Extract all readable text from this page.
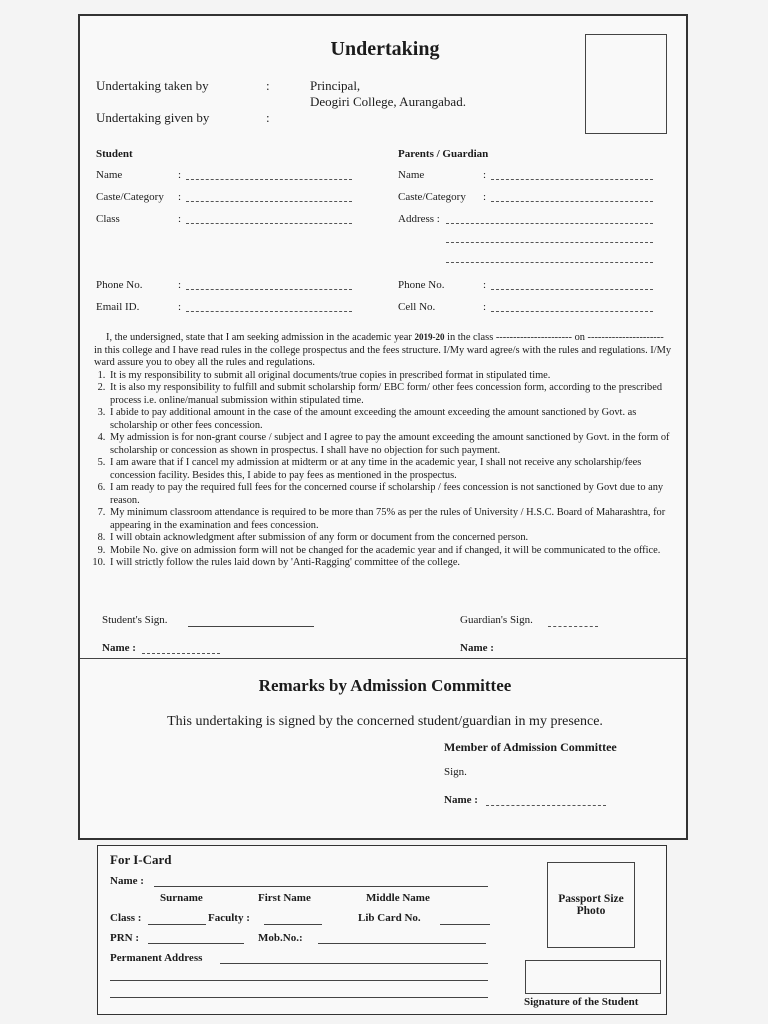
Undertaking
Undertaking taken by	:	Principal,
Deogiri College, Aurangabad.
Undertaking given by	:
Student
Name	:
Caste/Category :
Class	:
Phone No.	:
Email ID.	:
Parents / Guardian
Name	:
Caste/Category :
Address :
Phone No.	:
Cell No.	:

I, the undersigned, state that I am seeking admission in the academic year 2019-20 in the class ---------------------- on ---------------------- in this college and I have read rules in the college prospectus and the fees structure. I/My ward agree/s with the rules and regulations. I/My ward assure you to obey all the rules and regulations.

1. It is my responsibility to submit all original documents/true copies in prescribed format in stipulated time.
2. It is also my responsibility to fulfill and submit scholarship form/ EBC form/ other fees concession form, according to the prescribed process i.e. online/manual submission within stipulated time.
3. I abide to pay additional amount in the case of the amount exceeding the amount exceeding the amount sanctioned by Govt. as scholarship or other fees concession.
4. My admission is for non-grant course / subject and I agree to pay the amount exceeding the amount sanctioned by Govt. in the form of scholarship or concession as shown in prospectus. I shall have no objection for such payment.
5. I am aware that if I cancel my admission at midterm or at any time in the academic year, I shall not receive any scholarship/fees concession facility. Besides this, I abide to pay fees as mentioned in the prospectus.
6. I am ready to pay the required full fees for the concerned course if scholarship / fees concession is not sanctioned by Govt due to any reason.
7. My minimum classroom attendance is required to be more than 75% as per the rules of University / H.S.C. Board of Maharashtra, for appearing in the examination and fees concession.
8. I will obtain acknowledgment after submission of any form or document from the concerned person.
9. Mobile No. give on admission form will not be changed for the academic year and if changed, it will be communicated to the office.
10. I will strictly follow the rules laid down by 'Anti-Ragging' committee of the college.
Student's Sign.
Name :
Guardian's Sign.
Name :
Remarks by Admission Committee
This undertaking is signed by the concerned student/guardian in my presence.
Member of Admission Committee
Sign.
Name :
For I-Card
Name :
Surname	First Name	Middle Name
Class :	Faculty :	Lib Card No.
PRN :	Mob.No.:
Permanent Address
Passport Size Photo
Signature of the Student
